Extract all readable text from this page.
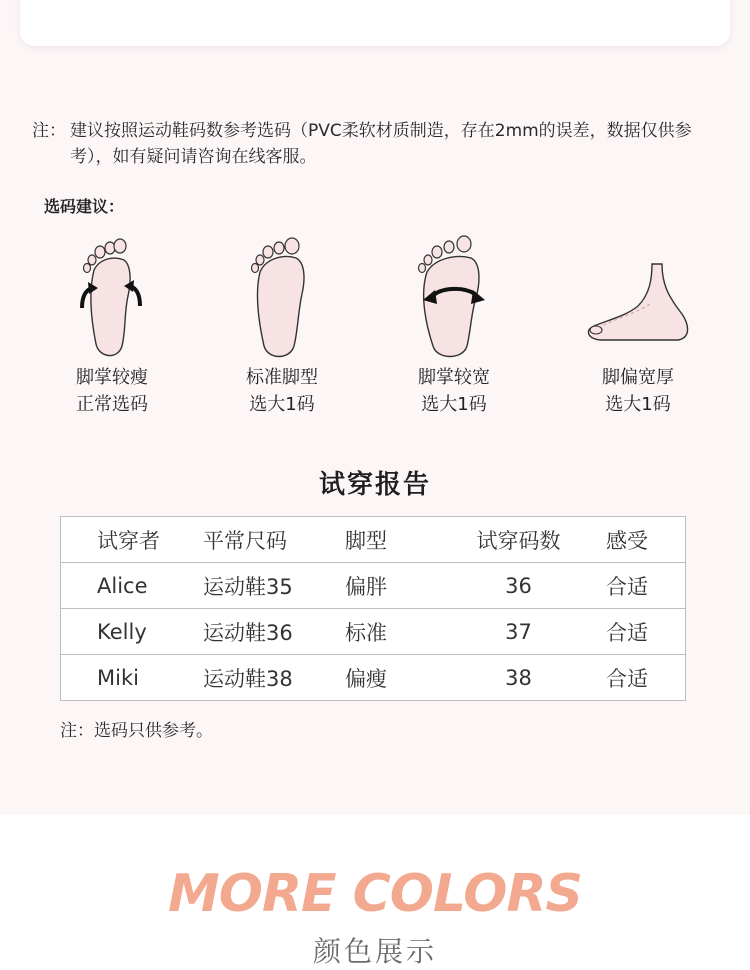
注： 建议按照运动鞋码数参考选码（PVC柔软材质制造，存在2mm的误差，数据仅供参考），如有疑问请咨询在线客服。
选码建议：
脚掌较瘦
正常选码
标准脚型
选大1码
脚掌较宽
选大1码
脚偏宽厚
选大1码
试穿报告
试穿者	平常尺码	脚型	试穿码数	感受
Alice	运动鞋35	偏胖	36	合适
Kelly	运动鞋36	标准	37	合适
Miki	运动鞋38	偏瘦	38	合适
注：选码只供参考。
MORE COLORS
颜色展示
